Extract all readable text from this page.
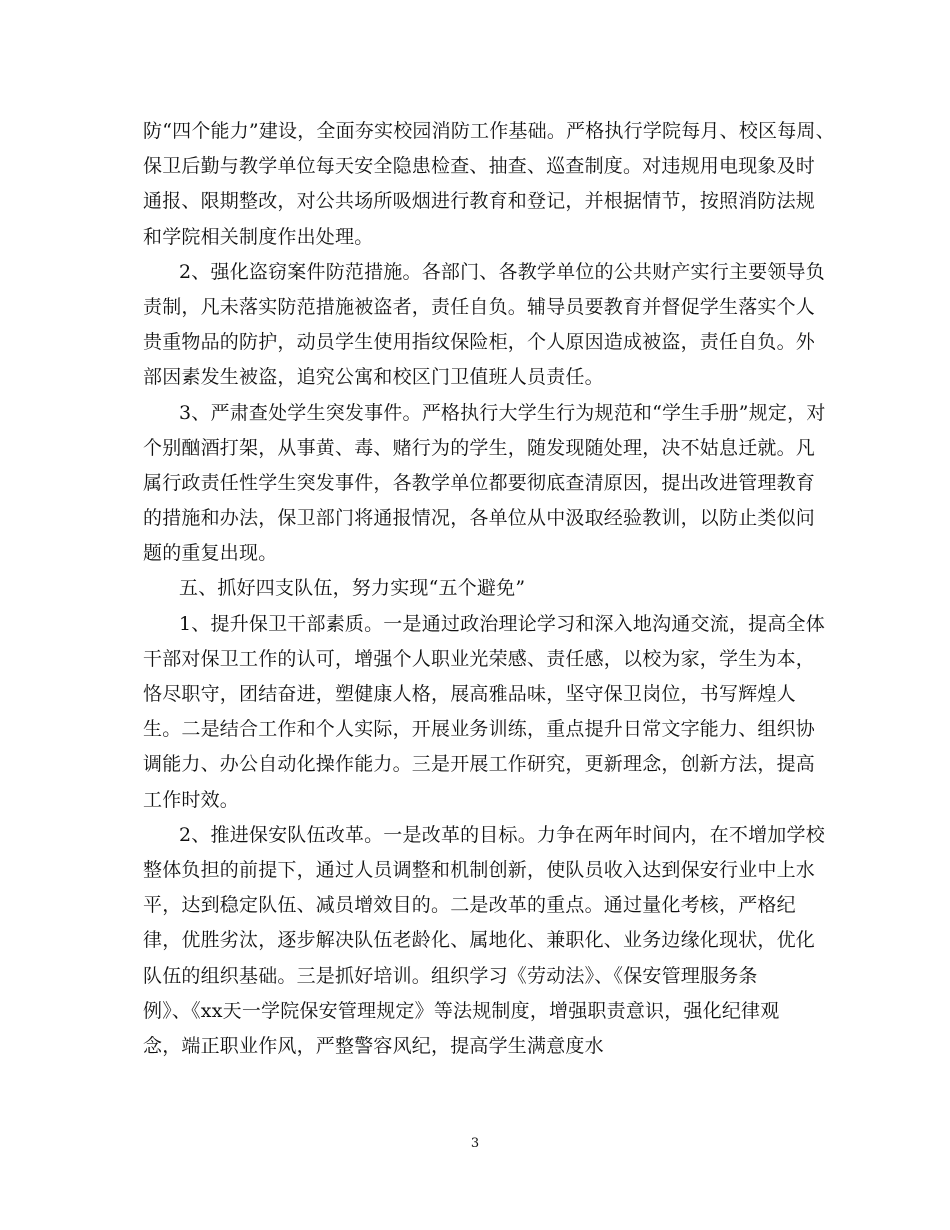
防“四个能力”建设，全面夯实校园消防工作基础。严格执行学院每月、校区每周、
保卫后勤与教学单位每天安全隐患检查、抽查、巡查制度。对违规用电现象及时
通报、限期整改，对公共场所吸烟进行教育和登记，并根据情节，按照消防法规
和学院相关制度作出处理。
2、强化盗窃案件防范措施。各部门、各教学单位的公共财产实行主要领导负
责制，凡未落实防范措施被盗者，责任自负。辅导员要教育并督促学生落实个人
贵重物品的防护，动员学生使用指纹保险柜，个人原因造成被盗，责任自负。外
部因素发生被盗，追究公寓和校区门卫值班人员责任。
3、严肃查处学生突发事件。严格执行大学生行为规范和“学生手册”规定，对
个别酗酒打架，从事黄、毒、赌行为的学生，随发现随处理，决不姑息迁就。凡
属行政责任性学生突发事件，各教学单位都要彻底查清原因，提出改进管理教育
的措施和办法，保卫部门将通报情况，各单位从中汲取经验教训，以防止类似问
题的重复出现。
五、抓好四支队伍，努力实现“五个避免”
1、提升保卫干部素质。一是通过政治理论学习和深入地沟通交流，提高全体
干部对保卫工作的认可，增强个人职业光荣感、责任感，以校为家，学生为本，
恪尽职守，团结奋进，塑健康人格，展高雅品味，坚守保卫岗位，书写辉煌人
生。二是结合工作和个人实际，开展业务训练，重点提升日常文字能力、组织协
调能力、办公自动化操作能力。三是开展工作研究，更新理念，创新方法，提高
工作时效。
2、推进保安队伍改革。一是改革的目标。力争在两年时间内，在不增加学校
整体负担的前提下，通过人员调整和机制创新，使队员收入达到保安行业中上水
平，达到稳定队伍、减员增效目的。二是改革的重点。通过量化考核，严格纪
律，优胜劣汰，逐步解决队伍老龄化、属地化、兼职化、业务边缘化现状，优化
队伍的组织基础。三是抓好培训。组织学习《劳动法》、《保安管理服务条
例》、《xx天一学院保安管理规定》等法规制度，增强职责意识，强化纪律观
念，端正职业作风，严整警容风纪，提高学生满意度水
3
